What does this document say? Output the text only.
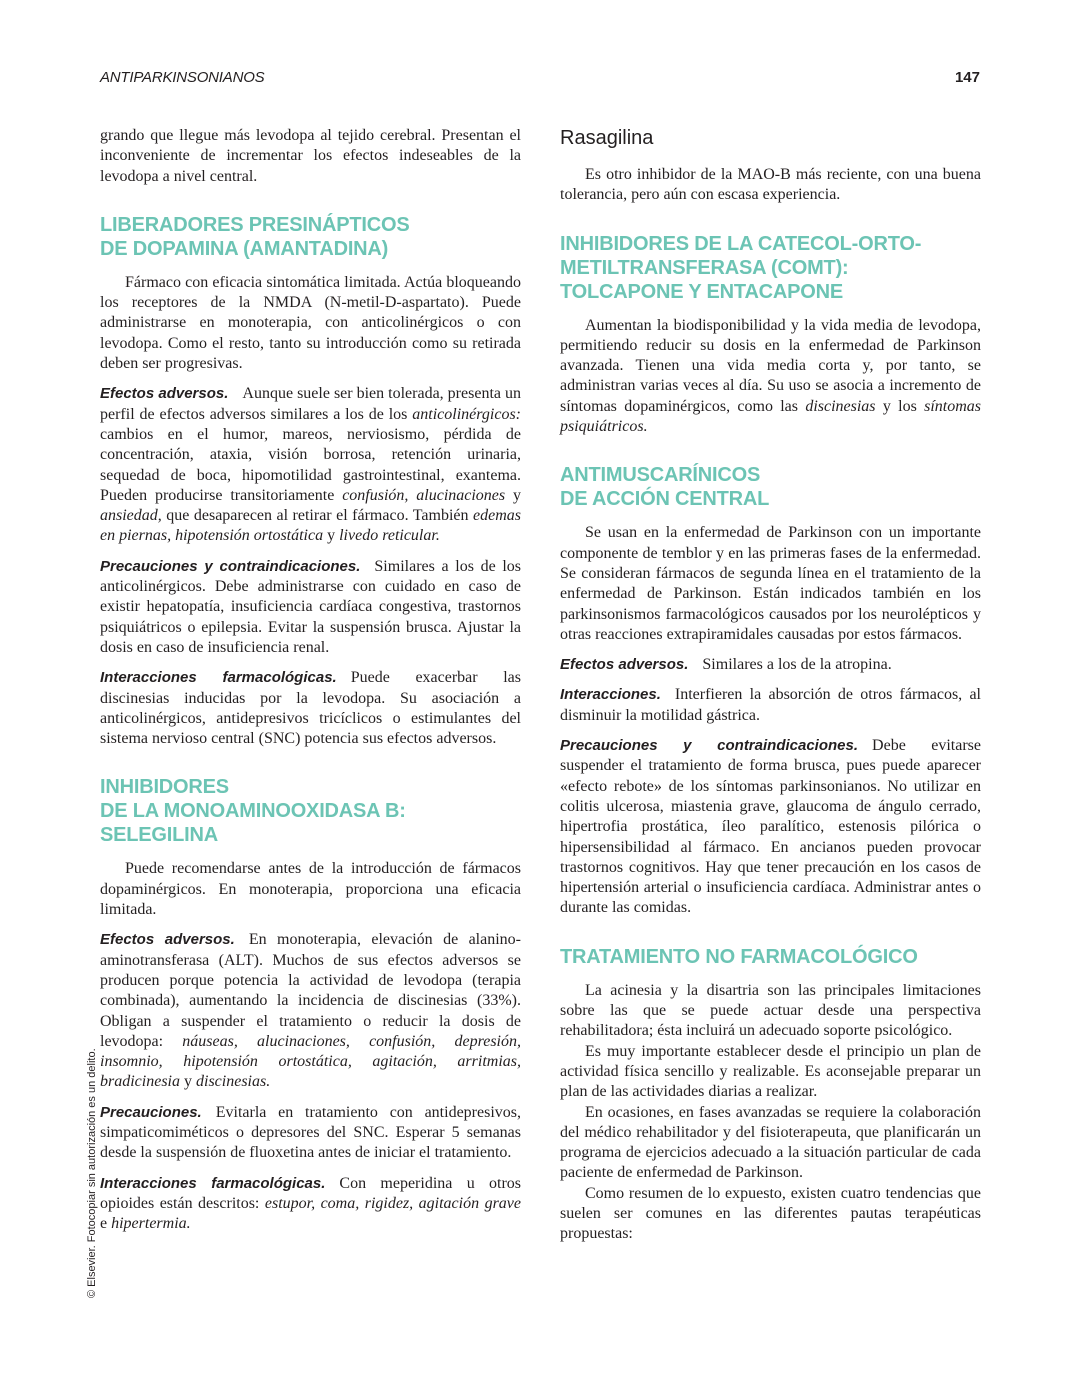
ANTIPARKINSONIANOS	147
© Elsevier. Fotocopiar sin autorización es un delito.

grando que llegue más levodopa al tejido cerebral. Presentan el inconveniente de incrementar los efectos indeseables de la levodopa a nivel central.

LIBERADORES PRESINÁPTICOS
DE DOPAMINA (AMANTADINA)

Fármaco con eficacia sintomática limitada. Actúa bloqueando los receptores de la NMDA (N-metil-D-aspartato). Puede administrarse en monoterapia, con anticolinérgicos o con levodopa. Como el resto, tanto su introducción como su retirada deben ser progresivas.

Efectos adversos. Aunque suele ser bien tolerada, presenta un perfil de efectos adversos similares a los de los anticolinérgicos: cambios en el humor, mareos, nerviosismo, pérdida de concentración, ataxia, visión borrosa, retención urinaria, sequedad de boca, hipomotilidad gastrointestinal, exantema. Pueden producirse transitoriamente confusión, alucinaciones y ansiedad, que desaparecen al retirar el fármaco. También edemas en piernas, hipotensión ortostática y livedo reticular.

Precauciones y contraindicaciones. Similares a los de los anticolinérgicos. Debe administrarse con cuidado en caso de existir hepatopatía, insuficiencia cardíaca congestiva, trastornos psiquiátricos o epilepsia. Evitar la suspensión brusca. Ajustar la dosis en caso de insuficiencia renal.

Interacciones farmacológicas. Puede exacerbar las discinesias inducidas por la levodopa. Su asociación a anticolinérgicos, antidepresivos tricíclicos o estimulantes del sistema nervioso central (SNC) potencia sus efectos adversos.

INHIBIDORES
DE LA MONOAMINOOXIDASA B:
SELEGILINA

Puede recomendarse antes de la introducción de fármacos dopaminérgicos. En monoterapia, proporciona una eficacia limitada.

Efectos adversos. En monoterapia, elevación de alanino-aminotransferasa (ALT). Muchos de sus efectos adversos se producen porque potencia la actividad de levodopa (terapia combinada), aumentando la incidencia de discinesias (33%). Obligan a suspender el tratamiento o reducir la dosis de levodopa: náuseas, alucinaciones, confusión, depresión, insomnio, hipotensión ortostática, agitación, arritmias, bradicinesia y discinesias.

Precauciones. Evitarla en tratamiento con antidepresivos, simpaticomiméticos o depresores del SNC. Esperar 5 semanas desde la suspensión de fluoxetina antes de iniciar el tratamiento.

Interacciones farmacológicas. Con meperidina u otros opioides están descritos: estupor, coma, rigidez, agitación grave e hipertermia.

Rasagilina

Es otro inhibidor de la MAO-B más reciente, con una buena tolerancia, pero aún con escasa experiencia.

INHIBIDORES DE LA CATECOL-ORTO-
METILTRANSFERASA (COMT):
TOLCAPONE Y ENTACAPONE

Aumentan la biodisponibilidad y la vida media de levodopa, permitiendo reducir su dosis en la enfermedad de Parkinson avanzada. Tienen una vida media corta y, por tanto, se administran varias veces al día. Su uso se asocia a incremento de síntomas dopaminérgicos, como las discinesias y los síntomas psiquiátricos.

ANTIMUSCARÍNICOS
DE ACCIÓN CENTRAL

Se usan en la enfermedad de Parkinson con un importante componente de temblor y en las primeras fases de la enfermedad. Se consideran fármacos de segunda línea en el tratamiento de la enfermedad de Parkinson. Están indicados también en los parkinsonismos farmacológicos causados por los neurolépticos y otras reacciones extrapiramidales causadas por estos fármacos.

Efectos adversos. Similares a los de la atropina.

Interacciones. Interfieren la absorción de otros fármacos, al disminuir la motilidad gástrica.

Precauciones y contraindicaciones. Debe evitarse suspender el tratamiento de forma brusca, pues puede aparecer «efecto rebote» de los síntomas parkinsonianos. No utilizar en colitis ulcerosa, miastenia grave, glaucoma de ángulo cerrado, hipertrofia prostática, íleo paralítico, estenosis pilórica o hipersensibilidad al fármaco. En ancianos pueden provocar trastornos cognitivos. Hay que tener precaución en los casos de hipertensión arterial o insuficiencia cardíaca. Administrar antes o durante las comidas.

TRATAMIENTO NO FARMACOLÓGICO

La acinesia y la disartria son las principales limitaciones sobre las que se puede actuar desde una perspectiva rehabilitadora; ésta incluirá un adecuado soporte psicológico.

Es muy importante establecer desde el principio un plan de actividad física sencillo y realizable. Es aconsejable preparar un plan de las actividades diarias a realizar.

En ocasiones, en fases avanzadas se requiere la colaboración del médico rehabilitador y del fisioterapeuta, que planificarán un programa de ejercicios adecuado a la situación particular de cada paciente de enfermedad de Parkinson.

Como resumen de lo expuesto, existen cuatro tendencias que suelen ser comunes en las diferentes pautas terapéuticas propuestas:
